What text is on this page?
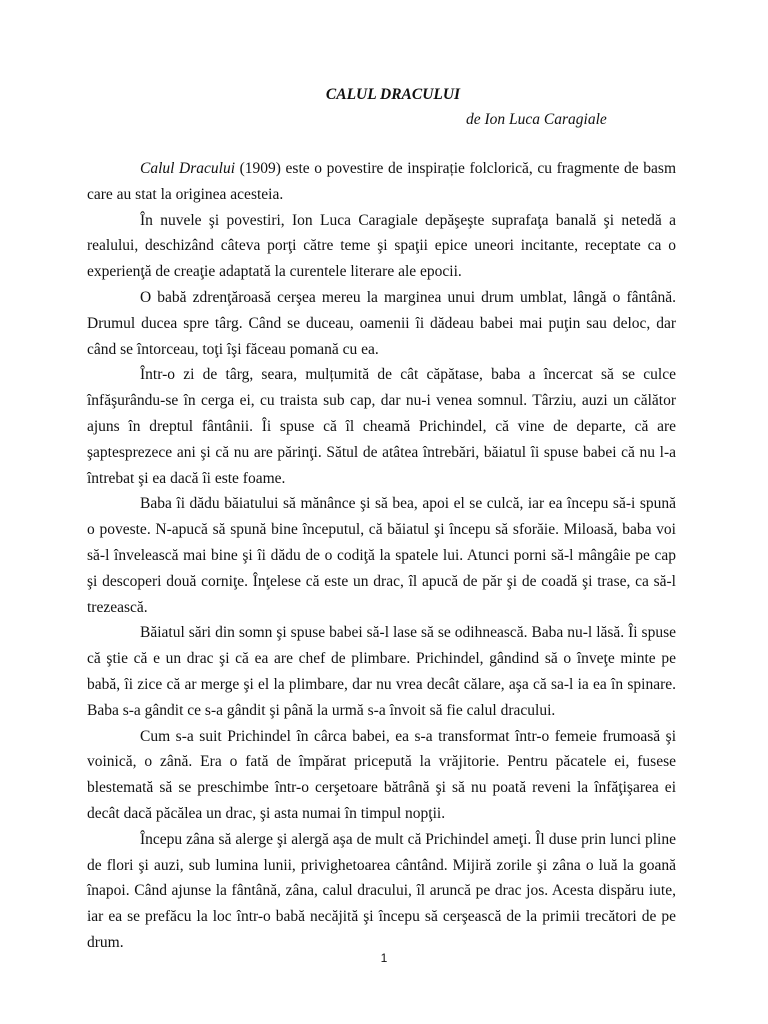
CALUL DRACULUI
de Ion Luca Caragiale

Calul Dracului (1909) este o povestire de inspirație folclorică, cu fragmente de basm care au stat la originea acesteia.

În nuvele şi povestiri, Ion Luca Caragiale depăşeşte suprafaţa banală şi netedă a realului, deschizând câteva porţi către teme şi spaţii epice uneori incitante, receptate ca o experienţă de creaţie adaptată la curentele literare ale epocii.

O babă zdrenţăroasă cerşea mereu la marginea unui drum umblat, lângă o fântână. Drumul ducea spre târg. Când se duceau, oamenii îi dădeau babei mai puţin sau deloc, dar când se întorceau, toţi îşi făceau pomană cu ea.

Într-o zi de târg, seara, mulțumită de cât căpătase, baba a încercat să se culce înfăşurându-se în cerga ei, cu traista sub cap, dar nu-i venea somnul. Târziu, auzi un călător ajuns în dreptul fântânii. Îi spuse că îl cheamă Prichindel, că vine de departe, că are şaptesprezece ani şi că nu are părinţi. Sătul de atâtea întrebări, băiatul îi spuse babei că nu l-a întrebat şi ea dacă îi este foame.

Baba îi dădu băiatului să mănânce şi să bea, apoi el se culcă, iar ea începu să-i spună o poveste. N-apucă să spună bine începutul, că băiatul şi începu să sforăie. Miloasă, baba voi să-l învelească mai bine şi îi dădu de o codiţă la spatele lui. Atunci porni să-l mângâie pe cap şi descoperi două corniţe. Înţelese că este un drac, îl apucă de păr şi de coadă şi trase, ca să-l trezească.

Băiatul sări din somn şi spuse babei să-l lase să se odihnească. Baba nu-l lăsă. Îi spuse că ştie că e un drac şi că ea are chef de plimbare. Prichindel, gândind să o înveţe minte pe babă, îi zice că ar merge şi el la plimbare, dar nu vrea decât călare, aşa că sa-l ia ea în spinare. Baba s-a gândit ce s-a gândit şi până la urmă s-a învoit să fie calul dracului.

Cum s-a suit Prichindel în cârca babei, ea s-a transformat într-o femeie frumoasă şi voinică, o zână. Era o fată de împărat pricepută la vrăjitorie. Pentru păcatele ei, fusese blestemată să se preschimbe într-o cerşetoare bătrână şi să nu poată reveni la înfăţişarea ei decât dacă păcălea un drac, şi asta numai în timpul nopţii.

Începu zâna să alerge şi alergă aşa de mult că Prichindel ameţi. Îl duse prin lunci pline de flori şi auzi, sub lumina lunii, privighetoarea cântând. Mijiră zorile şi zâna o luă la goană înapoi. Când ajunse la fântână, zâna, calul dracului, îl aruncă pe drac jos. Acesta dispăru iute, iar ea se prefăcu la loc într-o babă necăjită şi începu să cerşească de la primii trecători de pe drum.

1
